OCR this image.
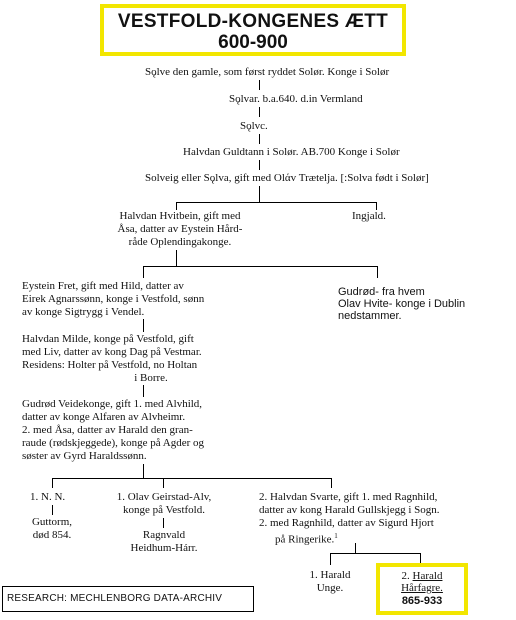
VESTFOLD-KONGENES ÆTT
600-900
Sǫlve den gamle, som først ryddet Solør. Konge i Solør
Sǫlvar. b.a.640. d.in Vermland
Sǫlvc.
Halvdan Guldtann i Solør. AB.700 Konge i Solør
Solveig eller Sǫlva, gift med Olάv Trætelja. [:Solva født i Solør]
Halvdan Hvitbein, gift med
Åsa, datter av Eystein Hård-
råde Oplendingakonge.
Ingjald.
Eystein Fret, gift med Hild, datter av
Eirek Agnarssønn, konge i Vestfold, sønn
av konge Sigtrygg i Vendel.
Gudrød- fra hvem
Olav Hvite- konge i Dublin
nedstammer.
Halvdan Milde, konge på Vestfold, gift
med Liv, datter av kong Dag på Vestmar.
Residens: Holter på Vestfold, no Holtan
i Borre.
Gudrød Veidekonge, gift 1. med Alvhild,
datter av konge Alfaren av Alvheimr.
2. med Åsa, datter av Harald den gran-
raude (rødskjeggede), konge på Agder og
søster av Gyrd Haraldssønn.
1. N. N.
Guttorm,
død 854.
1. Olav Geirstad-Alv,
konge på Vestfold.
Ragnvald
Heidhum-Hárr.
2. Halvdan Svarte, gift 1. med Ragnhild,
datter av kong Harald Gullskjegg i Sogn.
2. med Ragnhild, datter av Sigurd Hjort
på Ringerike.$^1$
1. Harald
Unge.
2. Harald
Hårfagre.
865-933
RESEARCH: MECHLENBORG DATA-ARCHIV
